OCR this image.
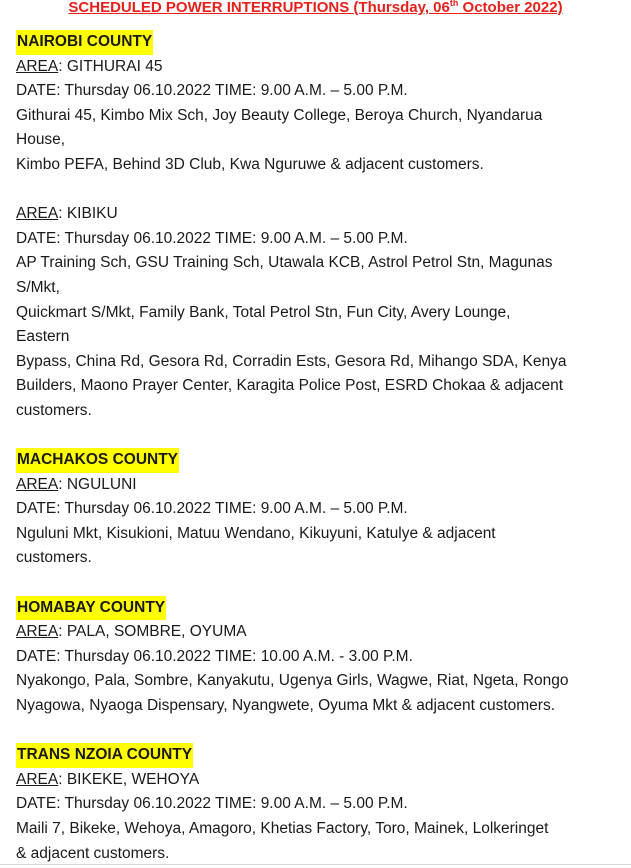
SCHEDULED POWER INTERRUPTIONS (Thursday, 06th October 2022)
NAIROBI COUNTY
AREA: GITHURAI 45
DATE: Thursday 06.10.2022 TIME: 9.00 A.M. – 5.00 P.M.
Githurai 45, Kimbo Mix Sch, Joy Beauty College, Beroya Church, Nyandarua
House,
Kimbo PEFA, Behind 3D Club, Kwa Nguruwe & adjacent customers.
AREA: KIBIKU
DATE: Thursday 06.10.2022 TIME: 9.00 A.M. – 5.00 P.M.
AP Training Sch, GSU Training Sch, Utawala KCB, Astrol Petrol Stn, Magunas
S/Mkt,
Quickmart S/Mkt, Family Bank, Total Petrol Stn, Fun City, Avery Lounge,
Eastern
Bypass, China Rd, Gesora Rd, Corradin Ests, Gesora Rd, Mihango SDA, Kenya
Builders, Maono Prayer Center, Karagita Police Post, ESRD Chokaa & adjacent
customers.
MACHAKOS COUNTY
AREA: NGULUNI
DATE: Thursday 06.10.2022 TIME: 9.00 A.M. – 5.00 P.M.
Nguluni Mkt, Kisukioni, Matuu Wendano, Kikuyuni, Katulye & adjacent
customers.
HOMABAY COUNTY
AREA: PALA, SOMBRE, OYUMA
DATE: Thursday 06.10.2022 TIME: 10.00 A.M. - 3.00 P.M.
Nyakongo, Pala, Sombre, Kanyakutu, Ugenya Girls, Wagwe, Riat, Ngeta, Rongo
Nyagowa, Nyaoga Dispensary, Nyangwete, Oyuma Mkt & adjacent customers.
TRANS NZOIA COUNTY
AREA: BIKEKE, WEHOYA
DATE: Thursday 06.10.2022 TIME: 9.00 A.M. – 5.00 P.M.
Maili 7, Bikeke, Wehoya, Amagoro, Khetias Factory, Toro, Mainek, Lolkeringet
& adjacent customers.
